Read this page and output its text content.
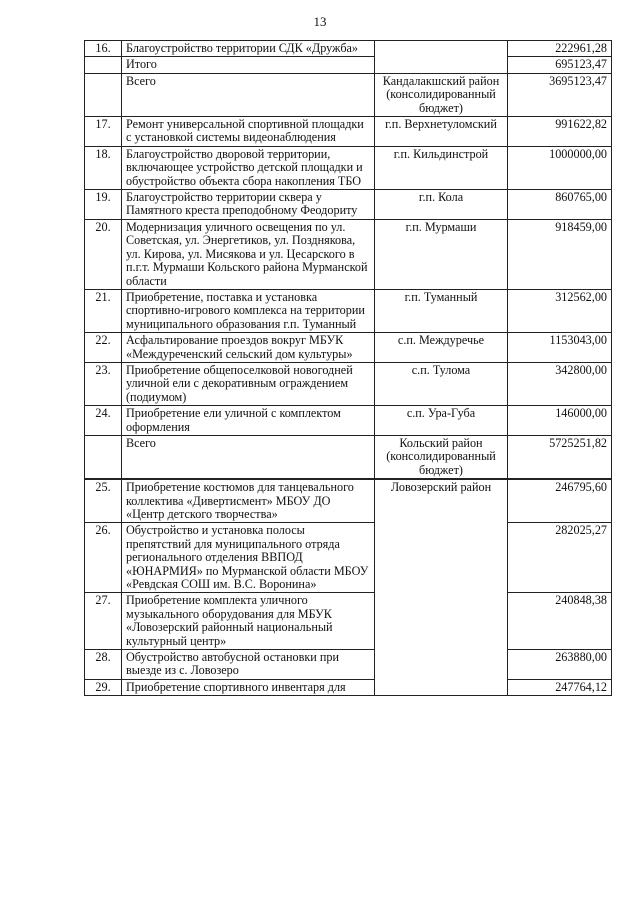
13
16.	Благоустройство территории СДК «Дружба»		222961,28
	Итого		695123,47
	Всего	Кандалакшский район (консолидированный бюджет)	3695123,47
17.	Ремонт универсальной спортивной площадки с установкой системы видеонаблюдения	г.п. Верхнетуломский	991622,82
18.	Благоустройство дворовой территории, включающее устройство детской площадки и обустройство объекта сбора накопления ТБО	г.п. Кильдинстрой	1000000,00
19.	Благоустройство территории сквера у Памятного креста преподобному Феодориту	г.п. Кола	860765,00
20.	Модернизация уличного освещения по ул. Советская, ул. Энергетиков, ул. Позднякова, ул. Кирова, ул. Мисякова и ул. Цесарского в п.г.т. Мурмаши Кольского района Мурманской области	г.п. Мурмаши	918459,00
21.	Приобретение, поставка и установка спортивно-игрового комплекса на территории муниципального образования г.п. Туманный	г.п. Туманный	312562,00
22.	Асфальтирование проездов вокруг МБУК «Междуреченский сельский дом культуры»	с.п. Междуречье	1153043,00
23.	Приобретение общепоселковой новогодней уличной ели с декоративным ограждением (подиумом)	с.п. Тулома	342800,00
24.	Приобретение ели уличной с комплектом оформления	с.п. Ура-Губа	146000,00
	Всего	Кольский район (консолидированный бюджет)	5725251,82
25.	Приобретение костюмов для танцевального коллектива «Дивертисмент» МБОУ ДО «Центр детского творчества»	Ловозерский район	246795,60
26.	Обустройство и установка полосы препятствий для муниципального отряда регионального отделения ВВПОД «ЮНАРМИЯ» по Мурманской области МБОУ «Ревдская СОШ им. В.С. Воронина»		282025,27
27.	Приобретение комплекта уличного музыкального оборудования для МБУК «Ловозерский районный национальный культурный центр»		240848,38
28.	Обустройство автобусной остановки при выезде из с. Ловозеро		263880,00
29.	Приобретение спортивного инвентаря для		247764,12
